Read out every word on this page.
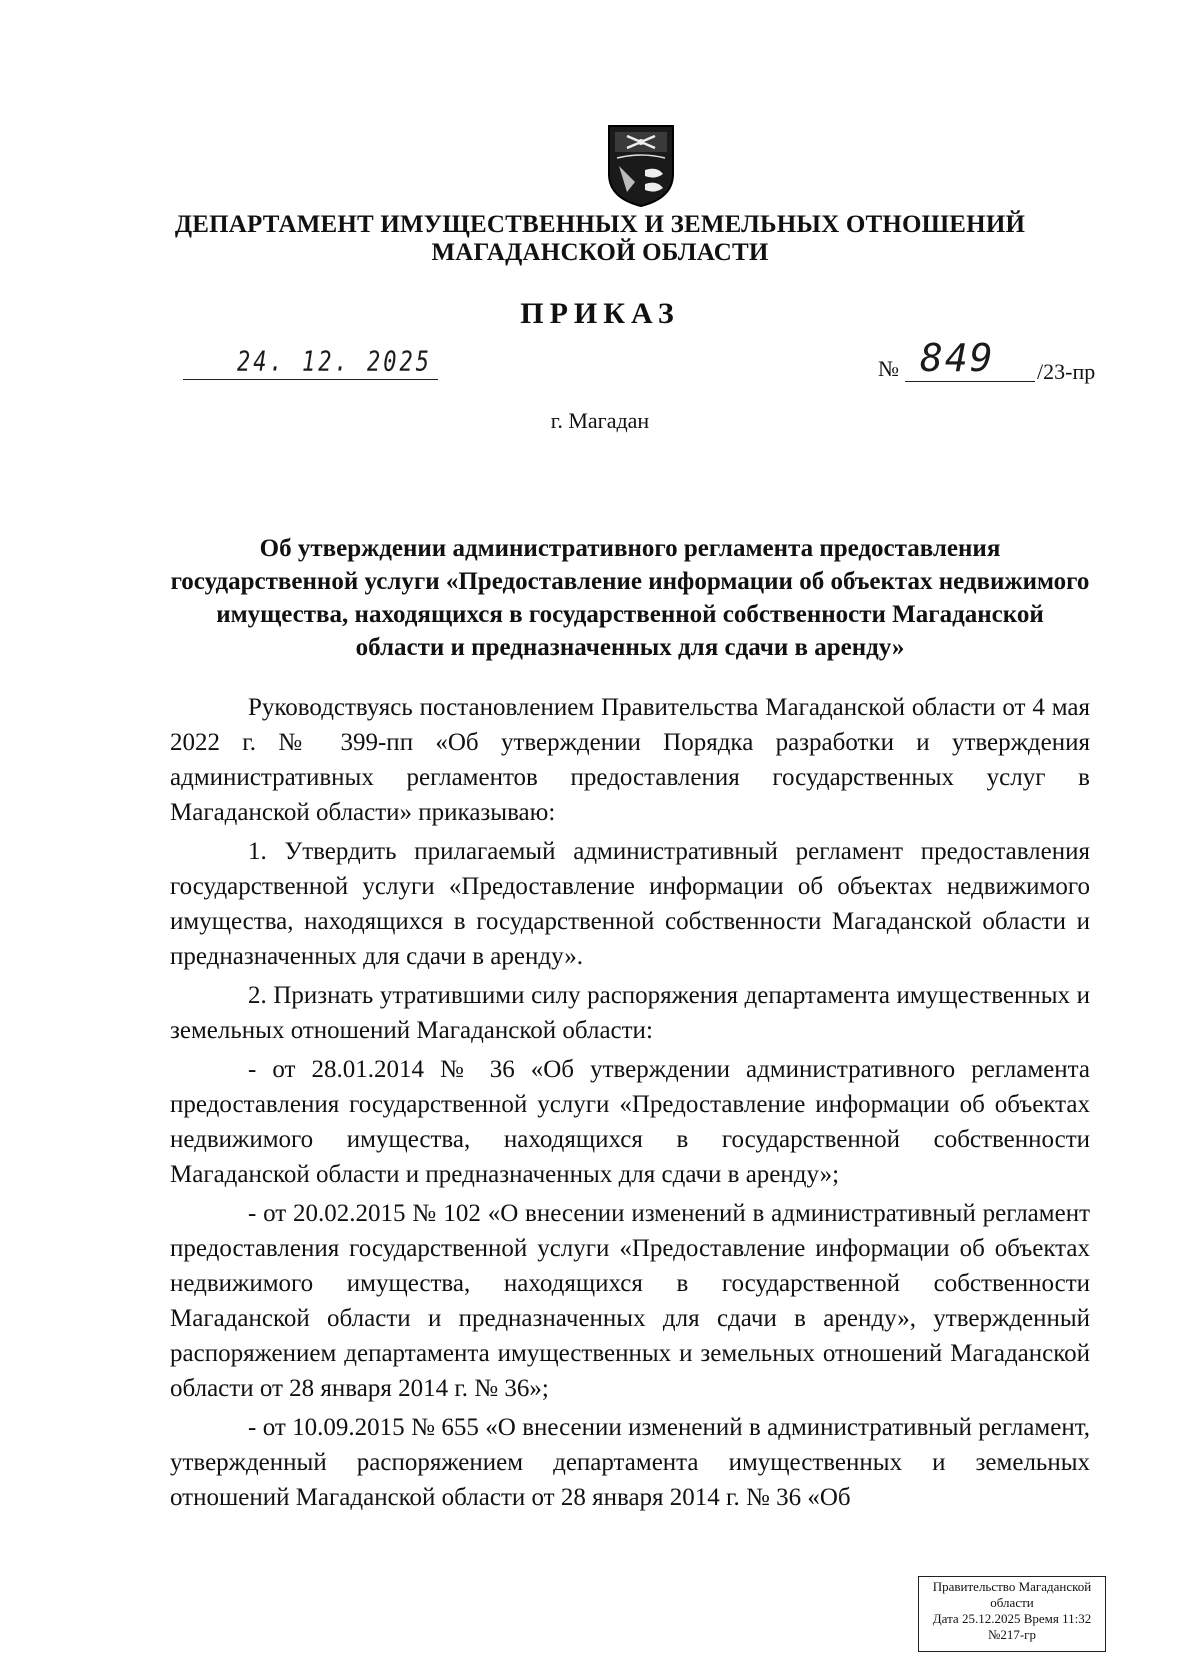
ДЕПАРТАМЕНТ ИМУЩЕСТВЕННЫХ И ЗЕМЕЛЬНЫХ ОТНОШЕНИЙ
МАГАДАНСКОЙ ОБЛАСТИ
ПРИКАЗ
24. 12. 2025	№ 849 /23-пр
г. Магадан
Об утверждении административного регламента предоставления государственной услуги «Предоставление информации об объектах недвижимого имущества, находящихся в государственной собственности Магаданской области и предназначенных для сдачи в аренду»

Руководствуясь постановлением Правительства Магаданской области от 4 мая 2022 г. № 399-пп «Об утверждении Порядка разработки и утверждения административных регламентов предоставления государственных услуг в Магаданской области» приказываю:

1. Утвердить прилагаемый административный регламент предоставления государственной услуги «Предоставление информации об объектах недвижимого имущества, находящихся в государственной собственности Магаданской области и предназначенных для сдачи в аренду».

2. Признать утратившими силу распоряжения департамента имущественных и земельных отношений Магаданской области:

- от 28.01.2014 № 36 «Об утверждении административного регламента предоставления государственной услуги «Предоставление информации об объектах недвижимого имущества, находящихся в государственной собственности Магаданской области и предназначенных для сдачи в аренду»;

- от 20.02.2015 № 102 «О внесении изменений в административный регламент предоставления государственной услуги «Предоставление информации об объектах недвижимого имущества, находящихся в государственной собственности Магаданской области и предназначенных для сдачи в аренду», утвержденный распоряжением департамента имущественных и земельных отношений Магаданской области от 28 января 2014 г. № 36»;

- от 10.09.2015 № 655 «О внесении изменений в административный регламент, утвержденный распоряжением департамента имущественных и земельных отношений Магаданской области от 28 января 2014 г. № 36 «Об

Правительство Магаданской
области
Дата 25.12.2025 Время 11:32
№217-гр
